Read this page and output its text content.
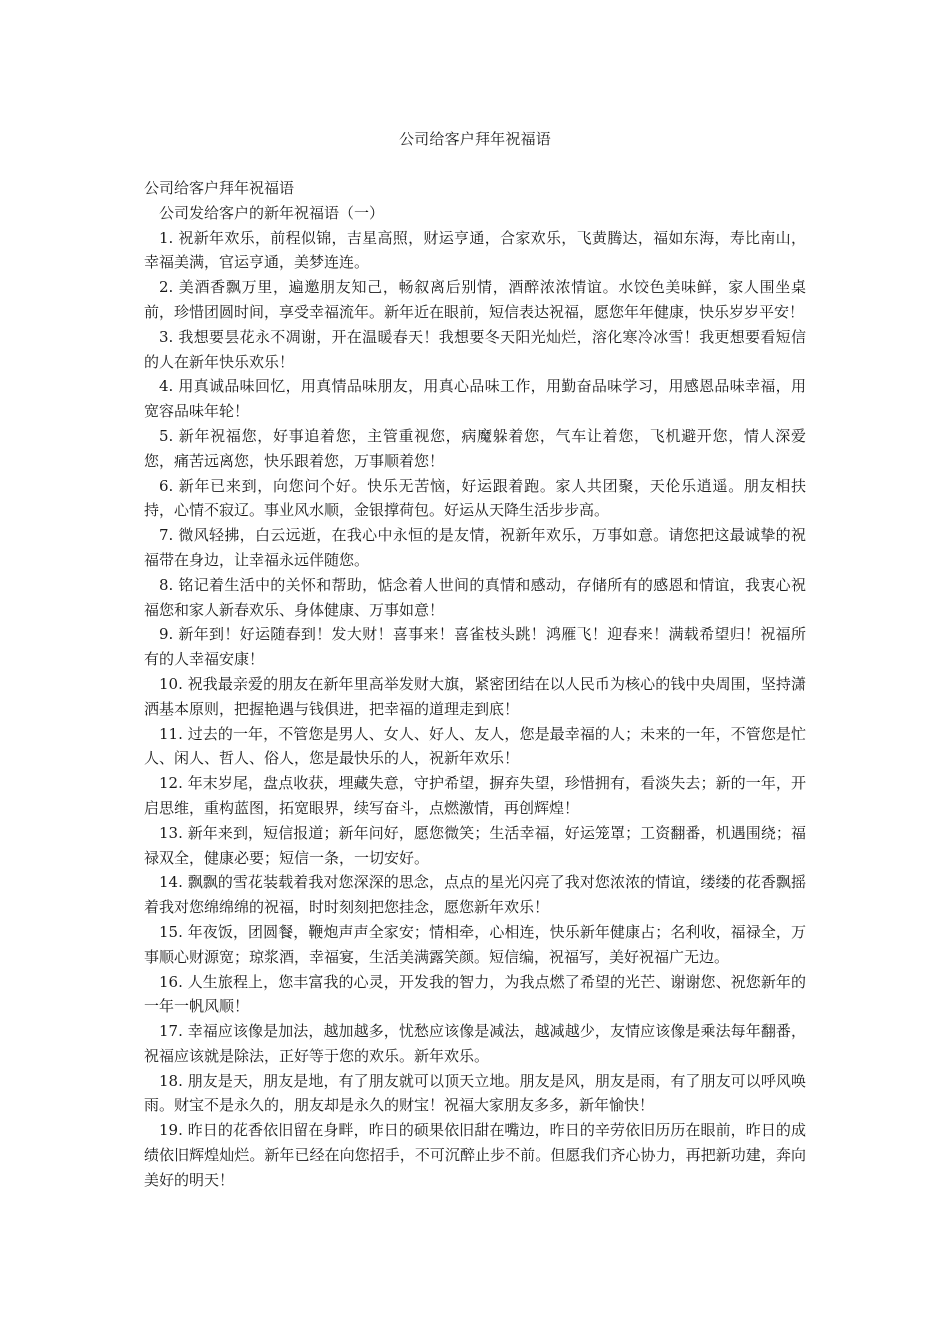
公司给客户拜年祝福语

公司给客户拜年祝福语

公司发给客户的新年祝福语（一）

1. 祝新年欢乐，前程似锦，吉星高照，财运亨通，合家欢乐，飞黄腾达，福如东海，寿比南山，幸福美满，官运亨通，美梦连连。

2. 美酒香飘万里，遍邀朋友知己，畅叙离后别情，酒醉浓浓情谊。水饺色美味鲜，家人围坐桌前，珍惜团圆时间，享受幸福流年。新年近在眼前，短信表达祝福，愿您年年健康，快乐岁岁平安！

3. 我想要昙花永不凋谢，开在温暖春天！我想要冬天阳光灿烂，溶化寒冷冰雪！我更想要看短信的人在新年快乐欢乐！

4. 用真诚品味回忆，用真情品味朋友，用真心品味工作，用勤奋品味学习，用感恩品味幸福，用宽容品味年轮！

5. 新年祝福您，好事追着您，主管重视您，病魔躲着您，气车让着您，飞机避开您，情人深爱您，痛苦远离您，快乐跟着您，万事顺着您！

6. 新年已来到，向您问个好。快乐无苦恼，好运跟着跑。家人共团聚，天伦乐逍遥。朋友相扶持，心情不寂辽。事业风水顺，金银撑荷包。好运从天降生活步步高。

7. 微风轻拂，白云远逝，在我心中永恒的是友情，祝新年欢乐，万事如意。请您把这最诚挚的祝福带在身边，让幸福永远伴随您。

8. 铭记着生活中的关怀和帮助，惦念着人世间的真情和感动，存储所有的感恩和情谊，我衷心祝福您和家人新春欢乐、身体健康、万事如意！

9. 新年到！好运随春到！发大财！喜事来！喜雀枝头跳！鸿雁飞！迎春来！满载希望归！祝福所有的人幸福安康！

10. 祝我最亲爱的朋友在新年里高举发财大旗，紧密团结在以人民币为核心的钱中央周围，坚持潇洒基本原则，把握艳遇与钱俱进，把幸福的道理走到底！

11. 过去的一年，不管您是男人、女人、好人、友人，您是最幸福的人；未来的一年，不管您是忙人、闲人、哲人、俗人，您是最快乐的人，祝新年欢乐！

12. 年末岁尾，盘点收获，埋藏失意，守护希望，摒弃失望，珍惜拥有，看淡失去；新的一年，开启思维，重构蓝图，拓宽眼界，续写奋斗，点燃激情，再创辉煌！

13. 新年来到，短信报道；新年问好，愿您微笑；生活幸福，好运笼罩；工资翻番，机遇围绕；福禄双全，健康必要；短信一条，一切安好。

14. 飘飘的雪花装载着我对您深深的思念，点点的星光闪亮了我对您浓浓的情谊，缕缕的花香飘摇着我对您绵绵绵的祝福，时时刻刻把您挂念，愿您新年欢乐！

15. 年夜饭，团圆餐，鞭炮声声全家安；情相牵，心相连，快乐新年健康占；名利收，福禄全，万事顺心财源宽；琼浆酒，幸福宴，生活美满露笑颜。短信编，祝福写，美好祝福广无边。

16. 人生旅程上，您丰富我的心灵，开发我的智力，为我点燃了希望的光芒、谢谢您、祝您新年的一年一帆风顺！

17. 幸福应该像是加法，越加越多，忧愁应该像是减法，越减越少，友情应该像是乘法每年翻番，祝福应该就是除法，正好等于您的欢乐。新年欢乐。

18. 朋友是天，朋友是地，有了朋友就可以顶天立地。朋友是风，朋友是雨，有了朋友可以呼风唤雨。财宝不是永久的，朋友却是永久的财宝！祝福大家朋友多多，新年愉快！

19. 昨日的花香依旧留在身畔，昨日的硕果依旧甜在嘴边，昨日的辛劳依旧历历在眼前，昨日的成绩依旧辉煌灿烂。新年已经在向您招手，不可沉醉止步不前。但愿我们齐心协力，再把新功建，奔向美好的明天！
